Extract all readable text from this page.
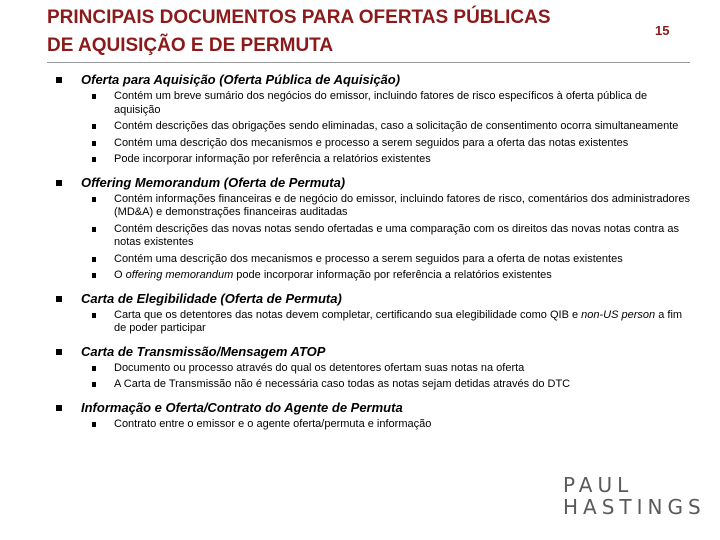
PRINCIPAIS DOCUMENTOS PARA OFERTAS PÚBLICAS
DE AQUISIÇÃO E DE PERMUTA
15
Oferta para Aquisição (Oferta Pública de Aquisição)
Contém um breve sumário dos negócios do emissor, incluindo fatores de risco específicos à oferta pública de aquisição
Contém descrições das obrigações sendo eliminadas, caso a solicitação de consentimento ocorra simultaneamente
Contém uma descrição dos mecanismos e processo a serem seguidos para a oferta das notas existentes
Pode incorporar informação por referência a relatórios existentes
Offering Memorandum (Oferta de Permuta)
Contém informações financeiras e de negócio do emissor, incluindo fatores de risco, comentários dos administradores (MD&A) e demonstrações financeiras auditadas
Contém descrições das novas notas sendo ofertadas e uma comparação com os direitos das novas notas contra as notas existentes
Contém uma descrição dos mecanismos e processo a serem seguidos para a oferta de notas existentes
O offering memorandum pode incorporar informação por referência a relatórios existentes
Carta de Elegibilidade (Oferta de Permuta)
Carta que os detentores das notas devem completar, certificando sua elegibilidade como QIB e non-US person a fim de poder participar
Carta de Transmissão/Mensagem ATOP
Documento ou processo através do qual os detentores ofertam suas notas na oferta
A Carta de Transmissão não é necessária caso todas as notas sejam detidas através do DTC
Informação e Oferta/Contrato do Agente de Permuta
Contrato entre o emissor e o agente oferta/permuta e informação
PAUL
HASTINGS
